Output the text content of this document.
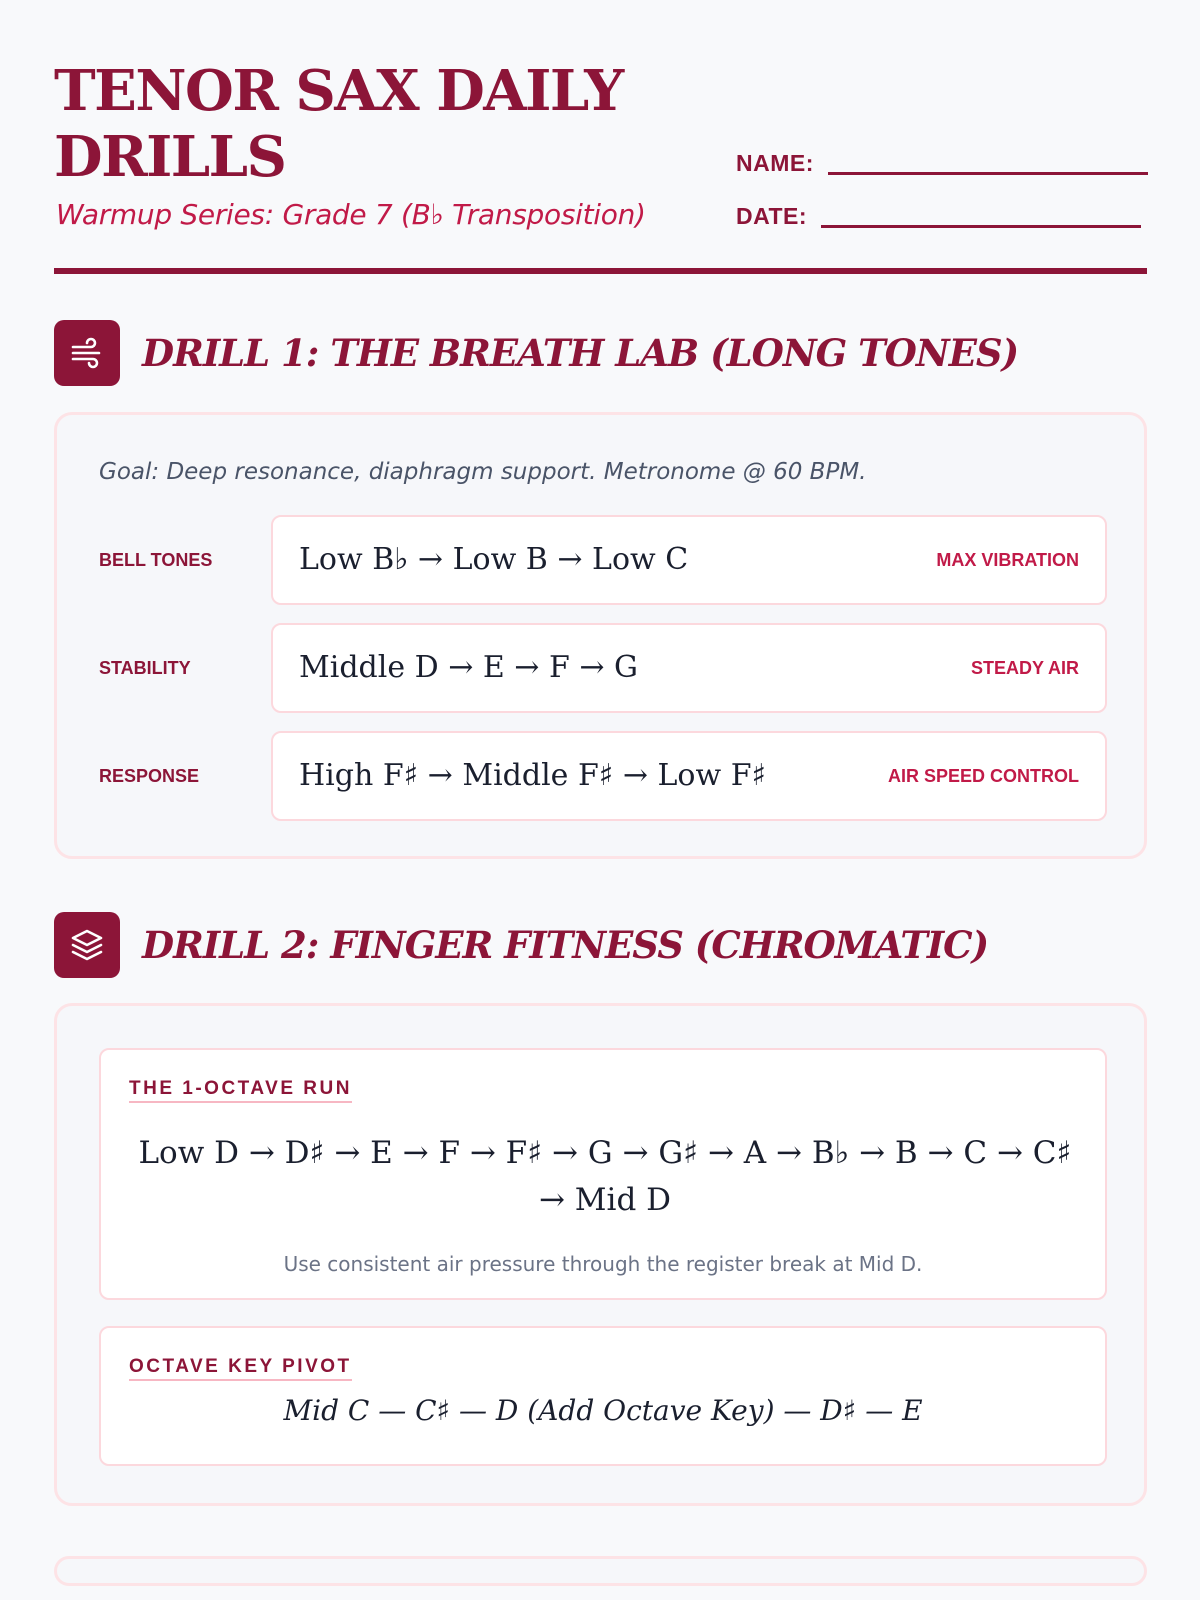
TENOR SAX DAILY DRILLS
Warmup Series: Grade 7 (B♭ Transposition)
NAME:
DATE:
DRILL 1: THE BREATH LAB (LONG TONES)
Goal: Deep resonance, diaphragm support. Metronome @ 60 BPM.
BELL TONES	Low B♭ → Low B → Low C	MAX VIBRATION
STABILITY	Middle D → E → F → G	STEADY AIR
RESPONSE	High F♯ → Middle F♯ → Low F♯	AIR SPEED CONTROL
DRILL 2: FINGER FITNESS (CHROMATIC)
THE 1-OCTAVE RUN
Low D → D♯ → E → F → F♯ → G → G♯ → A → B♭ → B → C → C♯ → Mid D
Use consistent air pressure through the register break at Mid D.
OCTAVE KEY PIVOT
Mid C — C♯ — D (Add Octave Key) — D♯ — E
